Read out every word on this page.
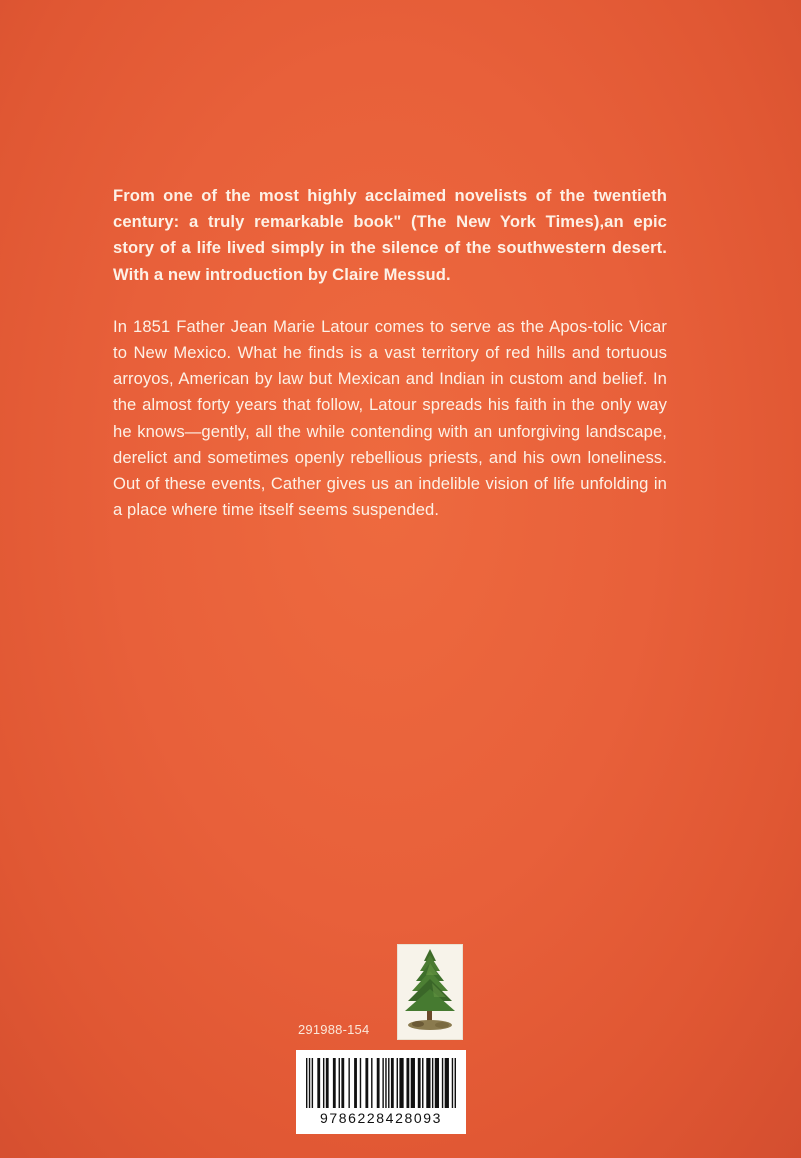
From one of the most highly acclaimed novelists of the twentieth century: a truly remarkable book" (The New York Times),an epic story of a life lived simply in the silence of the southwestern desert. With a new introduction by Claire Messud.

In 1851 Father Jean Marie Latour comes to serve as the Apos-tolic Vicar to New Mexico. What he finds is a vast territory of red hills and tortuous arroyos, American by law but Mexican and Indian in custom and belief. In the almost forty years that follow, Latour spreads his faith in the only way he knows—gently, all the while contending with an unforgiving landscape, derelict and sometimes openly rebellious priests, and his own loneliness. Out of these events, Cather gives us an indelible vision of life unfolding in a place where time itself seems suspended.

291988-154
9786228428093
